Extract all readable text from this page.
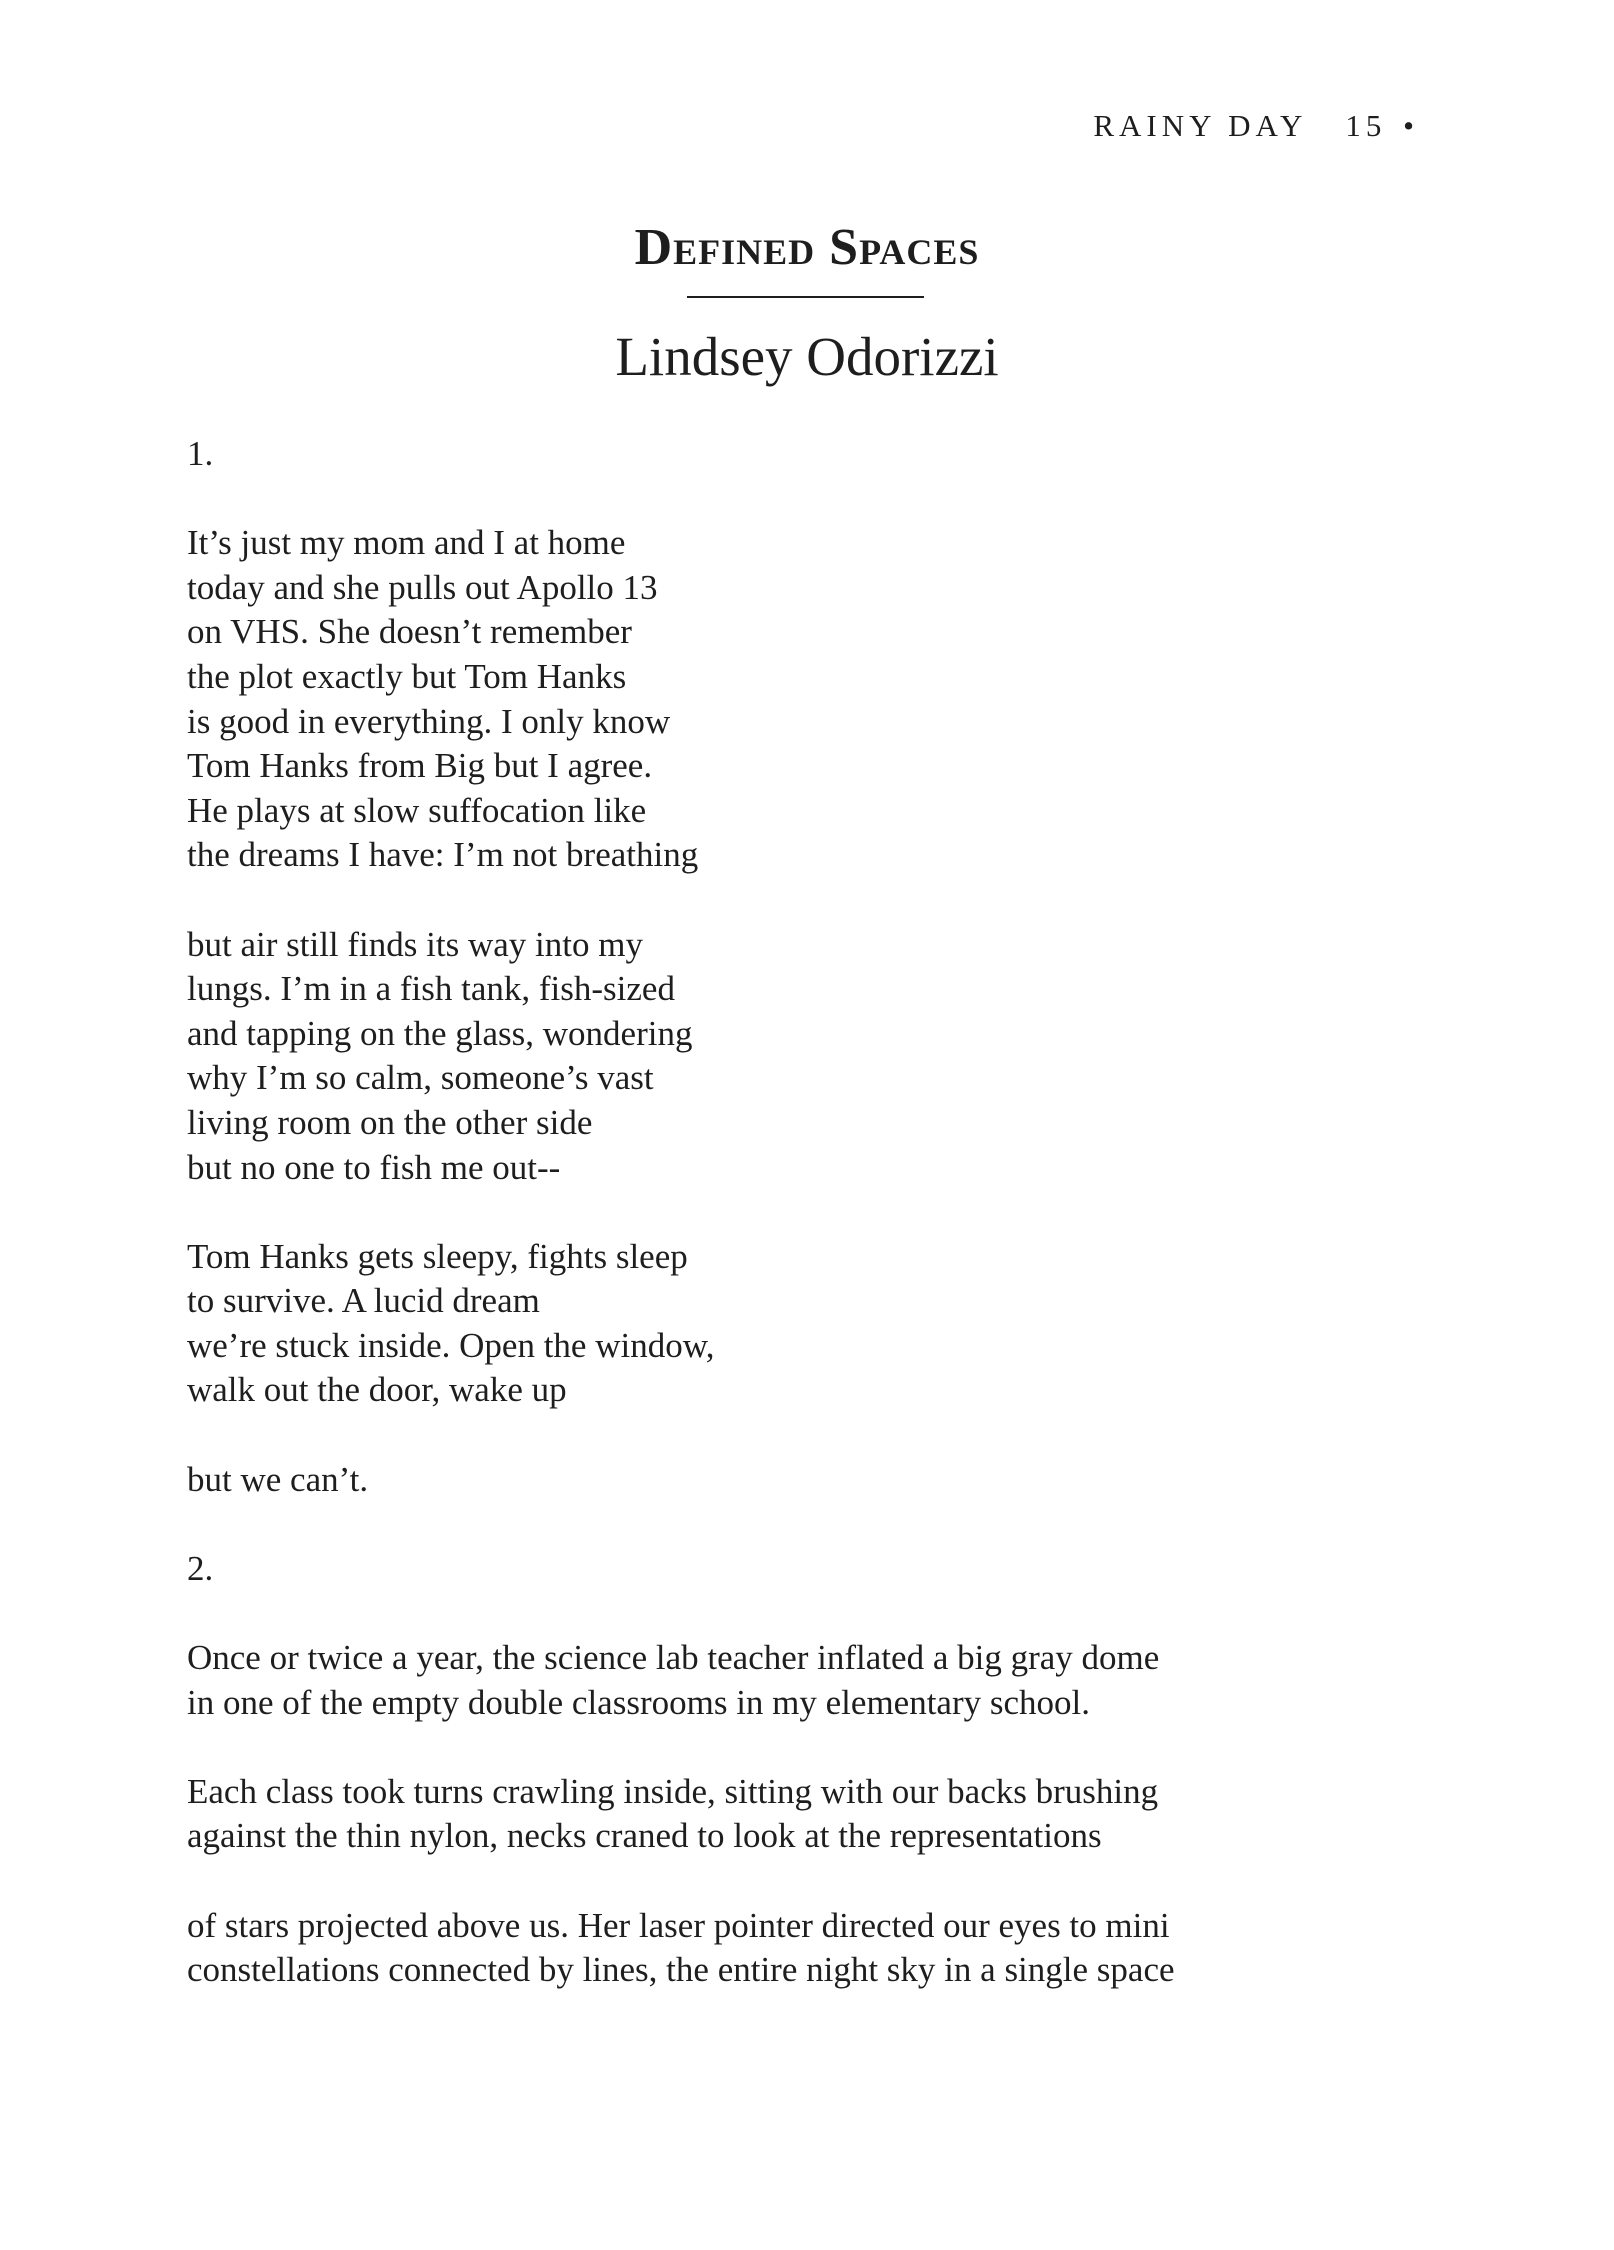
RAINY DAY 15 •
Defined Spaces
Lindsey Odorizzi
1.
It’s just my mom and I at home
today and she pulls out Apollo 13
on VHS. She doesn’t remember
the plot exactly but Tom Hanks
is good in everything. I only know
Tom Hanks from Big but I agree.
He plays at slow suffocation like
the dreams I have: I’m not breathing
but air still finds its way into my
lungs. I’m in a fish tank, fish-sized
and tapping on the glass, wondering
why I’m so calm, someone’s vast
living room on the other side
but no one to fish me out--
Tom Hanks gets sleepy, fights sleep
to survive. A lucid dream
we’re stuck inside. Open the window,
walk out the door, wake up
but we can’t.
2.
Once or twice a year, the science lab teacher inflated a big gray dome
in one of the empty double classrooms in my elementary school.
Each class took turns crawling inside, sitting with our backs brushing
against the thin nylon, necks craned to look at the representations
of stars projected above us. Her laser pointer directed our eyes to mini
constellations connected by lines, the entire night sky in a single space
